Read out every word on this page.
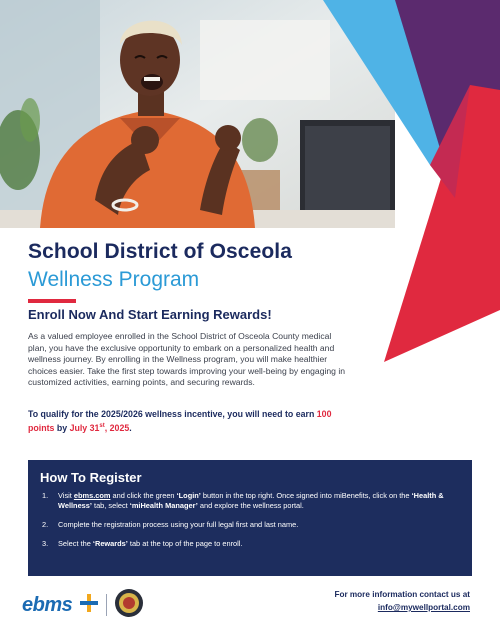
School District of Osceola
Wellness Program
Enroll Now And Start Earning Rewards!

As a valued employee enrolled in the School District of Osceola County medical plan, you have the exclusive opportunity to embark on a personalized health and wellness journey. By enrolling in the Wellness program, you will make healthier choices easier. Take the first step towards improving your well-being by engaging in customized activities, earning points, and securing rewards.

To qualify for the 2025/2026 wellness incentive, you will need to earn 100 points by July 31st, 2025.

How To Register
1. Visit ebms.com and click the green ‘Login’ button in the top right. Once signed into miBenefits, click on the ‘Health & Wellness’ tab, select ‘miHealth Manager’ and explore the wellness portal.
2. Complete the registration process using your full legal first and last name.
3. Select the ‘Rewards’ tab at the top of the page to enroll.
ebms	For more information contact us at
info@mywellportal.com
